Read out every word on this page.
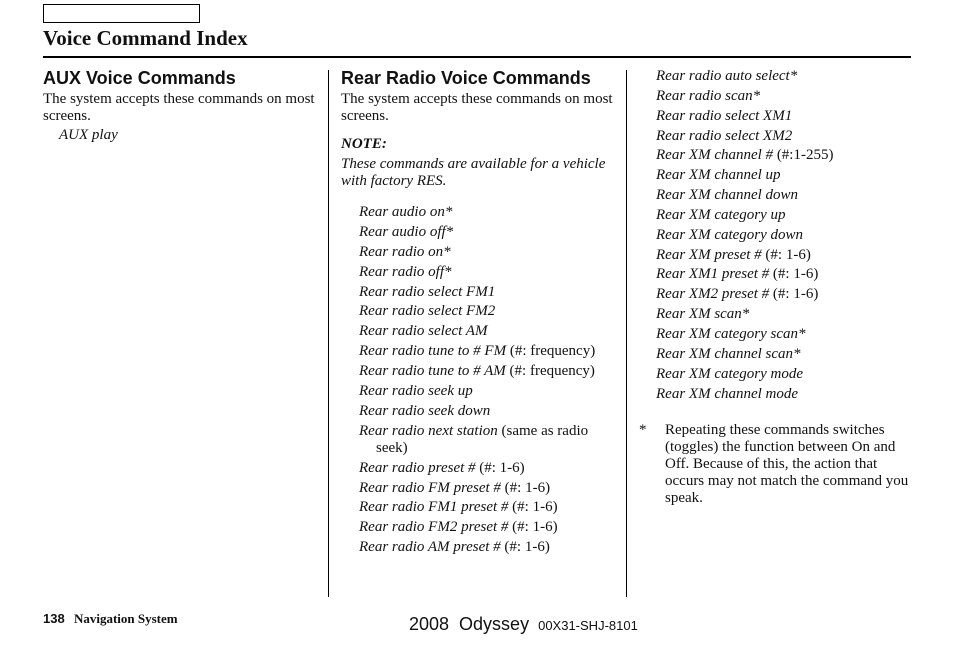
Voice Command Index
AUX Voice Commands

The system accepts these commands on most screens.

AUX play
Rear Radio Voice Commands

The system accepts these commands on most screens.

NOTE:

These commands are available for a vehicle with factory RES.

Rear audio on*
Rear audio off*
Rear radio on*
Rear radio off*
Rear radio select FM1
Rear radio select FM2
Rear radio select AM
Rear radio tune to # FM (#: frequency)
Rear radio tune to # AM (#: frequency)
Rear radio seek up
Rear radio seek down
Rear radio next station (same as radio seek)
Rear radio preset # (#: 1-6)
Rear radio FM preset # (#: 1-6)
Rear radio FM1 preset # (#: 1-6)
Rear radio FM2 preset # (#: 1-6)
Rear radio AM preset # (#: 1-6)
Rear radio auto select*
Rear radio scan*
Rear radio select XM1
Rear radio select XM2
Rear XM channel # (#:1-255)
Rear XM channel up
Rear XM channel down
Rear XM category up
Rear XM category down
Rear XM preset # (#: 1-6)
Rear XM1 preset # (#: 1-6)
Rear XM2 preset # (#: 1-6)
Rear XM scan*
Rear XM category scan*
Rear XM channel scan*
Rear XM category mode
Rear XM channel mode
* Repeating these commands switches (toggles) the function between On and Off. Because of this, the action that occurs may not match the command you speak.
138 Navigation System	2008  Odyssey 00X31-SHJ-8101
